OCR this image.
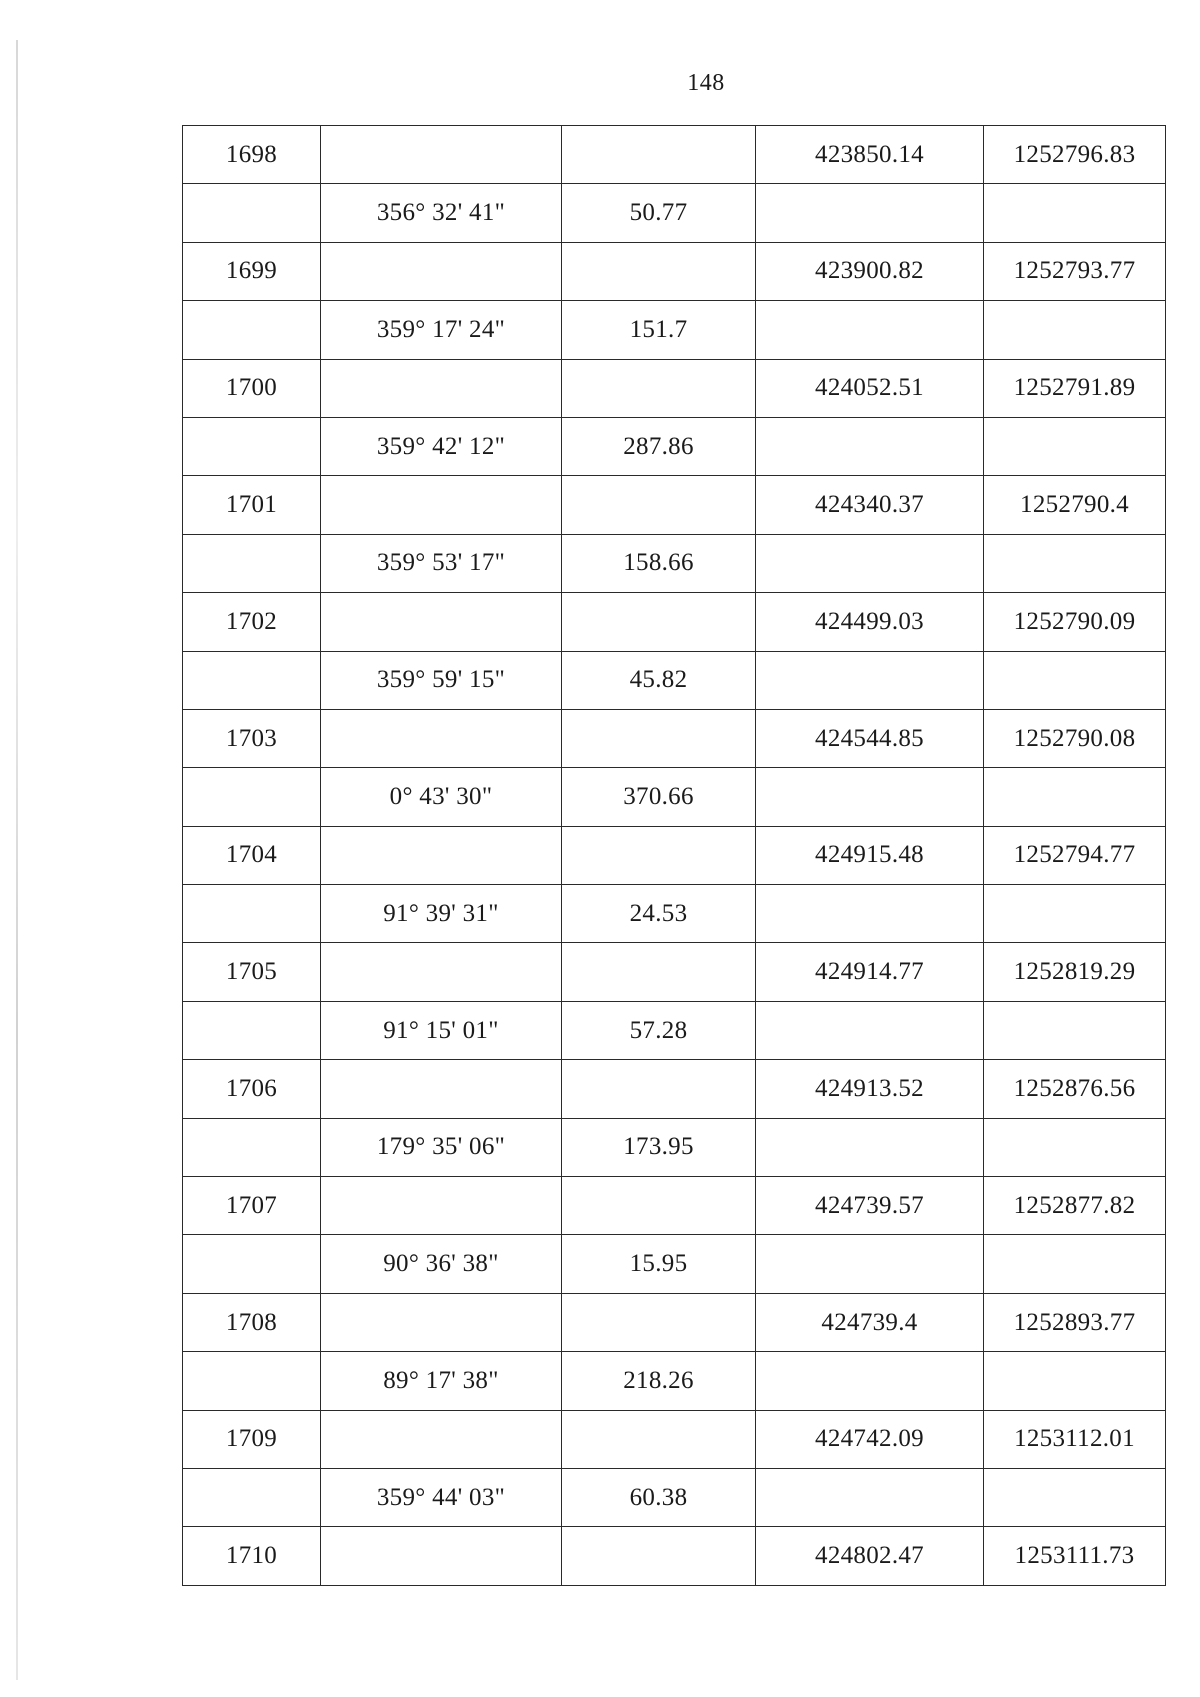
148
1698			423850.14	1252796.83
	356° 32' 41"	50.77		
1699			423900.82	1252793.77
	359° 17' 24"	151.7		
1700			424052.51	1252791.89
	359° 42' 12"	287.86		
1701			424340.37	1252790.4
	359° 53' 17"	158.66		
1702			424499.03	1252790.09
	359° 59' 15"	45.82		
1703			424544.85	1252790.08
	0° 43' 30"	370.66		
1704			424915.48	1252794.77
	91° 39' 31"	24.53		
1705			424914.77	1252819.29
	91° 15' 01"	57.28		
1706			424913.52	1252876.56
	179° 35' 06"	173.95		
1707			424739.57	1252877.82
	90° 36' 38"	15.95		
1708			424739.4	1252893.77
	89° 17' 38"	218.26		
1709			424742.09	1253112.01
	359° 44' 03"	60.38		
1710			424802.47	1253111.73
